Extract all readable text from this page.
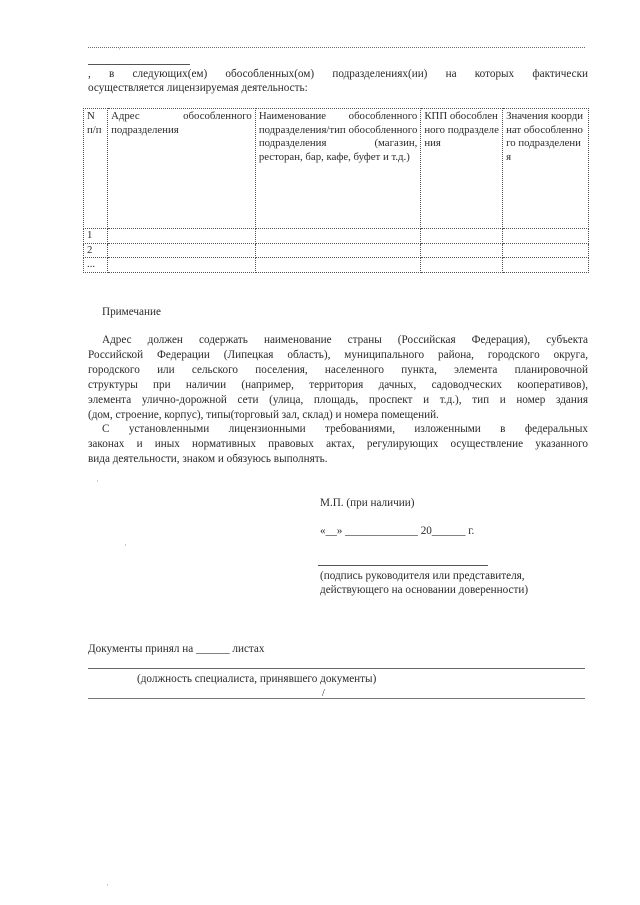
, в следующих(ем) обособленных(ом) подразделениях(ии) на которых фактически
осуществляется лицензируемая деятельность:
N п/п	Адрес обособленного подразделения	Наименование обособленного подразделения/тип обособленного подразделения (магазин, ресторан, бар, кафе, буфет и т.д.)	КПП обособленного подразделения	Значения координат обособленного подразделения
1				
2				
...				
Примечание
Адрес должен содержать наименование страны (Российская Федерация), субъекта
Российской Федерации (Липецкая область), муниципального района, городского округа,
городского или сельского поселения, населенного пункта, элемента планировочной
структуры при наличии (например, территория дачных, садоводческих кооперативов),
элемента улично-дорожной сети (улица, площадь, проспект и т.д.), тип и номер здания
(дом, строение, корпус), типы(торговый зал, склад) и номера помещений.
С установленными лицензионными требованиями, изложенными в федеральных
законах и иных нормативных правовых актах, регулирующих осуществление указанного
вида деятельности, знаком и обязуюсь выполнять.
М.П. (при наличии)
«__» _____________ 20______ г.
(подпись руководителя или представителя,
действующего на основании доверенности)
Документы принял на ______ листах
(должность специалиста, принявшего документы)
/
·
·
·
·
